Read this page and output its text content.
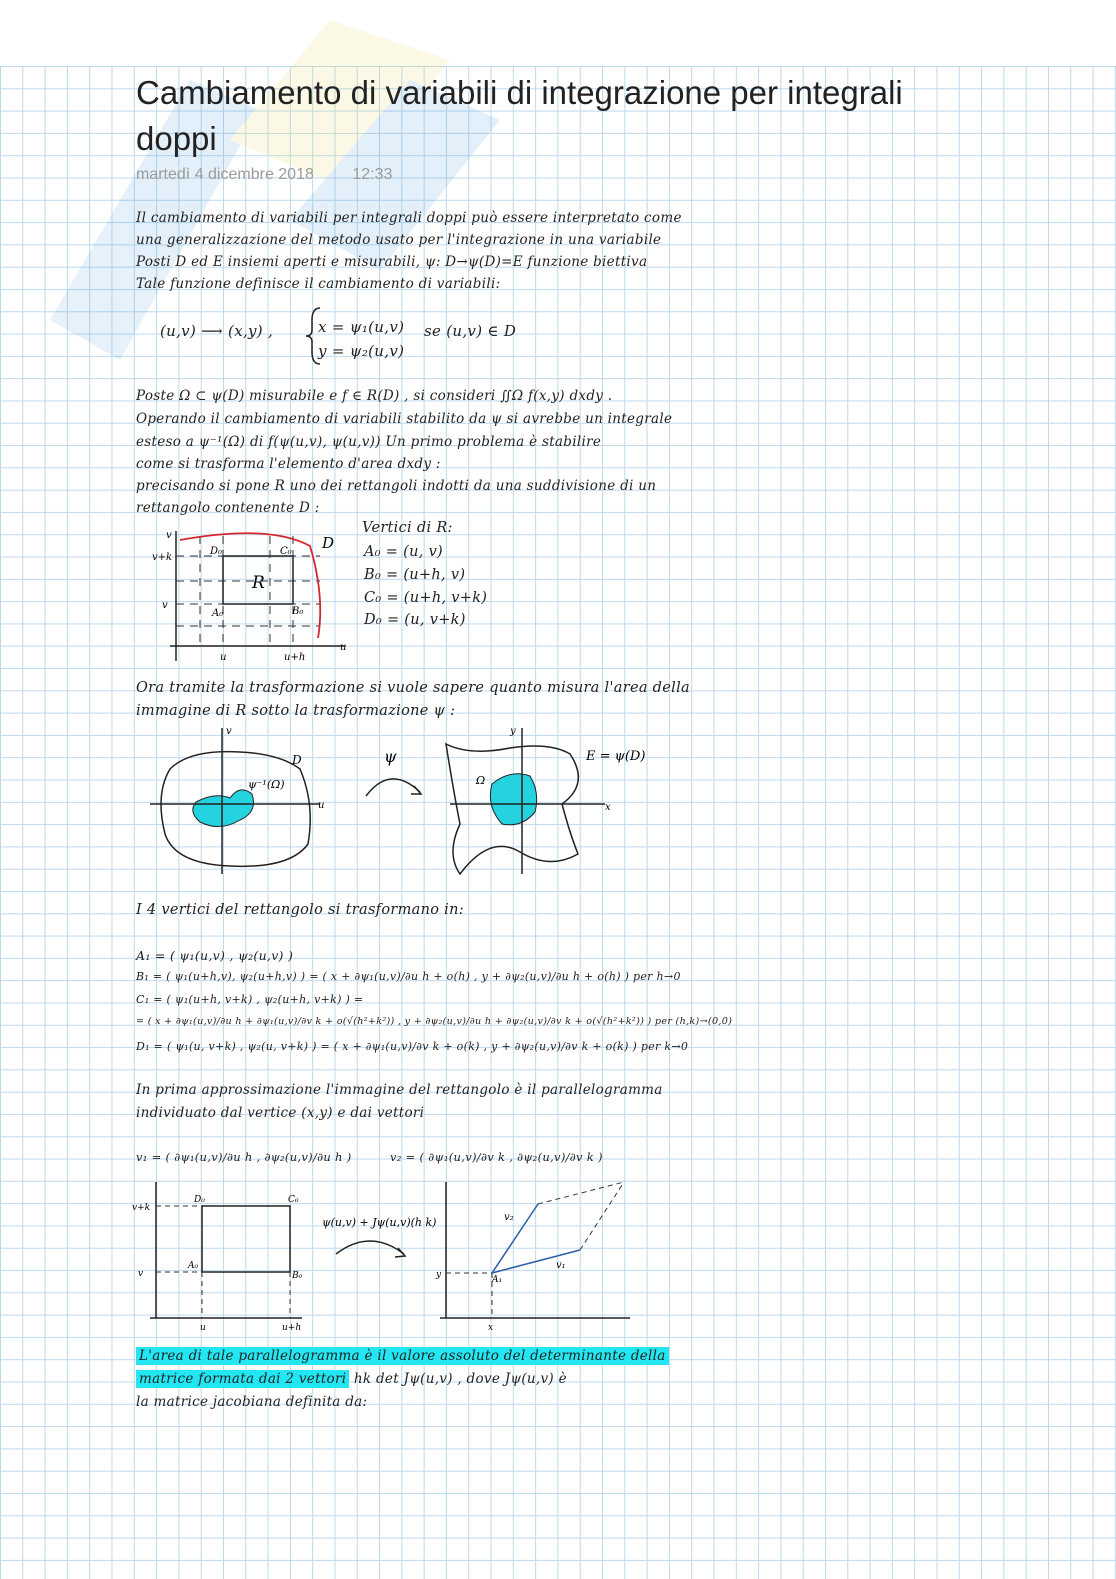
Cambiamento di variabili di integrazione per integrali doppi
martedì 4 dicembre 2018 12:33
Il cambiamento di variabili per integrali doppi può essere interpretato come
una generalizzazione del metodo usato per l'integrazione in una variabile
Posti D ed E insiemi aperti e misurabili, ψ: D→ψ(D)=E funzione biettiva
Tale funzione definisce il cambiamento di variabili:
(u,v) ⟶ (x,y) ,	x = ψ₁(u,v)
y = ψ₂(u,v)
se (u,v) ∈ D
Poste Ω ⊂ ψ(D) misurabile e f ∈ R(D) , si consideri ∬Ω f(x,y) dxdy .
Operando il cambiamento di variabili stabilito da ψ si avrebbe un integrale
esteso a ψ⁻¹(Ω) di f(ψ(u,v), ψ(u,v)) Un primo problema è stabilire
come si trasforma l'elemento d'area dxdy :
precisando si pone R uno dei rettangoli indotti da una suddivisione di un
rettangolo contenente D :
v+k
v
u	u+h
v
u
R
D
A₀	B₀
C₀
D₀
Vertici di R:
A₀ = (u, v)
B₀ = (u+h, v)
C₀ = (u+h, v+k)
D₀ = (u, v+k)
Ora tramite la trasformazione si vuole sapere quanto misura l'area della
immagine di R sotto la trasformazione ψ :
v
u
D
ψ⁻¹(Ω)
ψ
y
x
Ω
E = ψ(D)
I 4 vertici del rettangolo si trasformano in:
A₁ = ( ψ₁(u,v) , ψ₂(u,v) )
B₁ = ( ψ₁(u+h,v), ψ₂(u+h,v) ) = ( x + ∂ψ₁(u,v)/∂u h + o(h) , y + ∂ψ₂(u,v)/∂u h + o(h) ) per h→0
C₁ = ( ψ₁(u+h, v+k) , ψ₂(u+h, v+k) ) =
= ( x + ∂ψ₁(u,v)/∂u h + ∂ψ₁(u,v)/∂v k + o(√(h²+k²)) , y + ∂ψ₂(u,v)/∂u h + ∂ψ₂(u,v)/∂v k + o(√(h²+k²)) ) per (h,k)→(0,0)
D₁ = ( ψ₁(u, v+k) , ψ₂(u, v+k) ) = ( x + ∂ψ₁(u,v)/∂v k + o(k) , y + ∂ψ₂(u,v)/∂v k + o(k) ) per k→0
In prima approssimazione l'immagine del rettangolo è il parallelogramma
individuato dal vertice (x,y) e dai vettori
v₁ = ( ∂ψ₁(u,v)/∂u h , ∂ψ₂(u,v)/∂u h )	v₂ = ( ∂ψ₁(u,v)/∂v k , ∂ψ₂(u,v)/∂v k )
v+k
v
u	u+h
D₀	C₀
A₀
B₀
ψ(u,v) + Jψ(u,v)(h k)
y
x
A₁
v₁
v₂
L'area di tale parallelogramma è il valore assoluto del determinante della
matrice formata dai 2 vettori hk det Jψ(u,v) , dove Jψ(u,v) è
la matrice jacobiana definita da:
